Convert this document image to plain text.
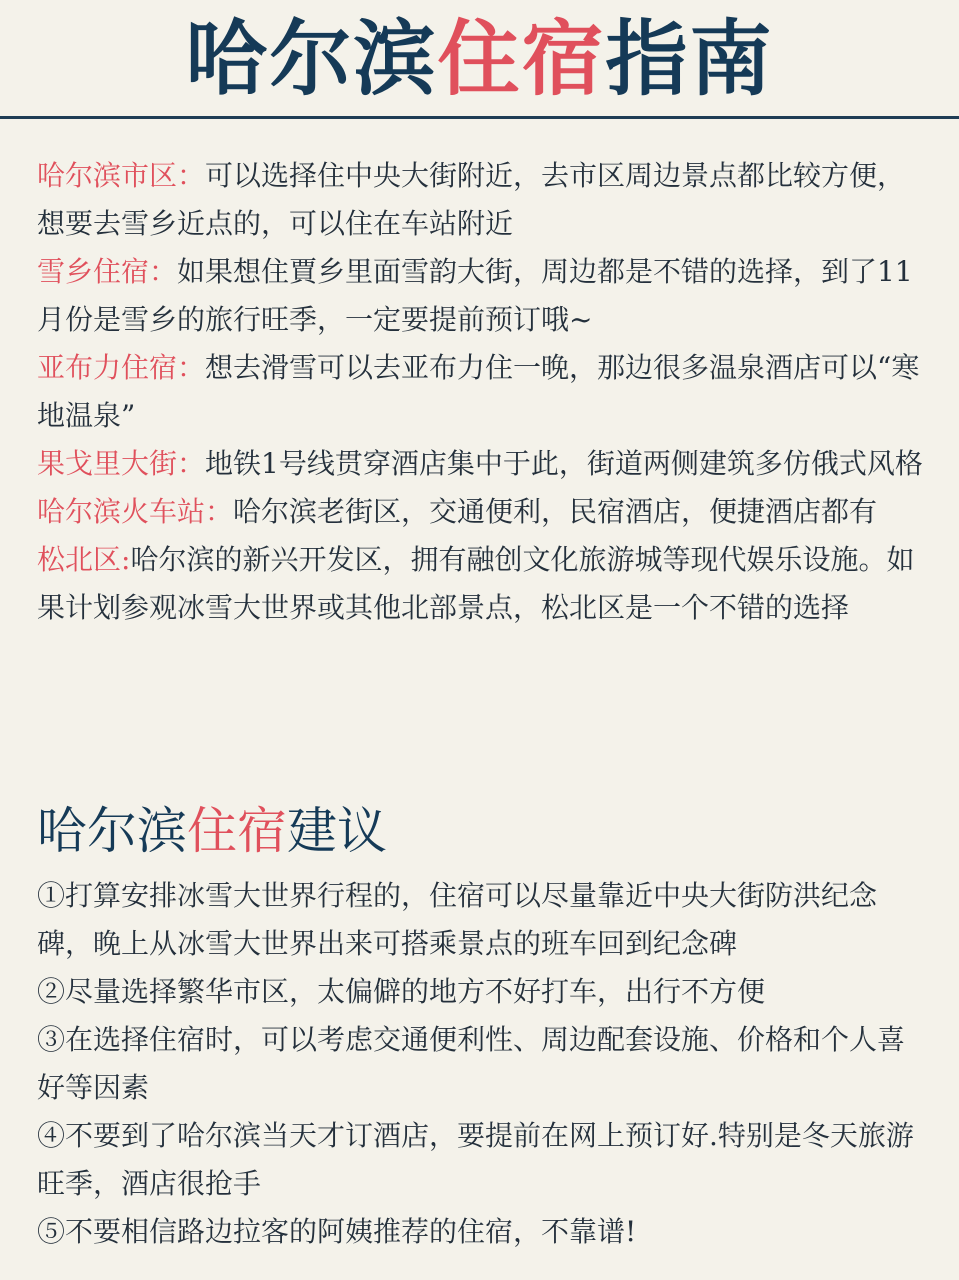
哈尔滨住宿指南

哈尔滨市区：可以选择住中央大街附近，去市区周边景点都比较方便，想要去雪乡近点的，可以住在车站附近

雪乡住宿：如果想住賈乡里面雪韵大街，周边都是不错的选择，到了11月份是雪乡的旅行旺季，一定要提前预订哦~

亚布力住宿：想去滑雪可以去亚布力住一晚，那边很多温泉酒店可以“寒地温泉”

果戈里大街：地铁1号线贯穿酒店集中于此，街道两侧建筑多仿俄式风格

哈尔滨火车站：哈尔滨老街区，交通便利，民宿酒店，便捷酒店都有

松北区:哈尔滨的新兴开发区，拥有融创文化旅游城等现代娱乐设施。如果计划参观冰雪大世界或其他北部景点，松北区是一个不错的选择

哈尔滨住宿建议

①打算安排冰雪大世界行程的，住宿可以尽量靠近中央大街防洪纪念碑，晚上从冰雪大世界出来可搭乘景点的班车回到纪念碑

②尽量选择繁华市区，太偏僻的地方不好打车，出行不方便

③在选择住宿时，可以考虑交通便利性、周边配套设施、价格和个人喜好等因素

④不要到了哈尔滨当天才订酒店，要提前在网上预订好.特别是冬天旅游旺季，酒店很抢手

⑤不要相信路边拉客的阿姨推荐的住宿，不靠谱!
